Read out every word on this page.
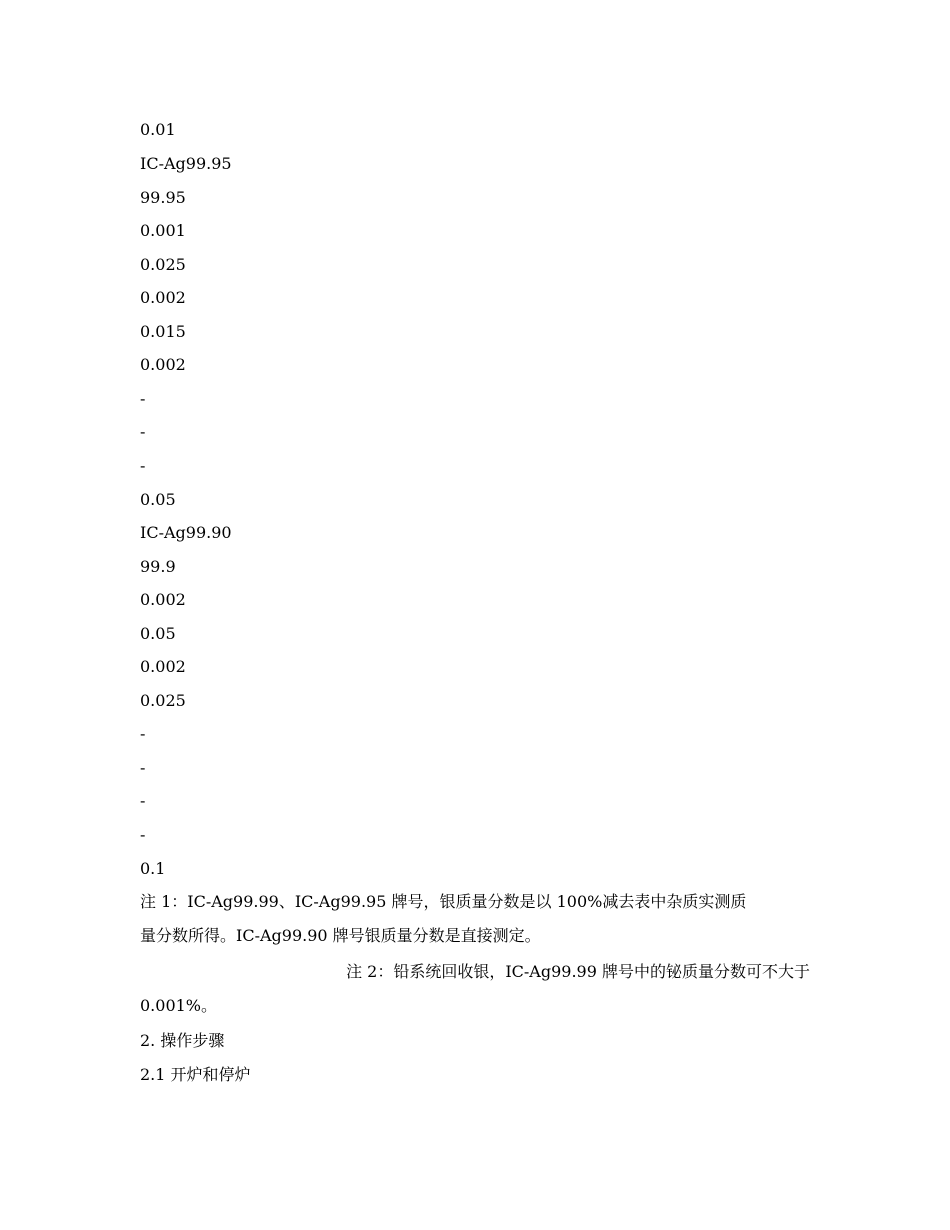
0.01
IC-Ag99.95
99.95
0.001
0.025
0.002
0.015
0.002
-
-
-
0.05
IC-Ag99.90
99.9
0.002
0.05
0.002
0.025
-
-
-
-
0.1

注 1：IC-Ag99.99、IC-Ag99.95 牌号，银质量分数是以 100%减去表中杂质实测质

量分数所得。IC-Ag99.90 牌号银质量分数是直接测定。

注 2：铅系统回收银，IC-Ag99.99 牌号中的铋质量分数可不大于

0.001%。

2. 操作步骤
2.1 开炉和停炉
